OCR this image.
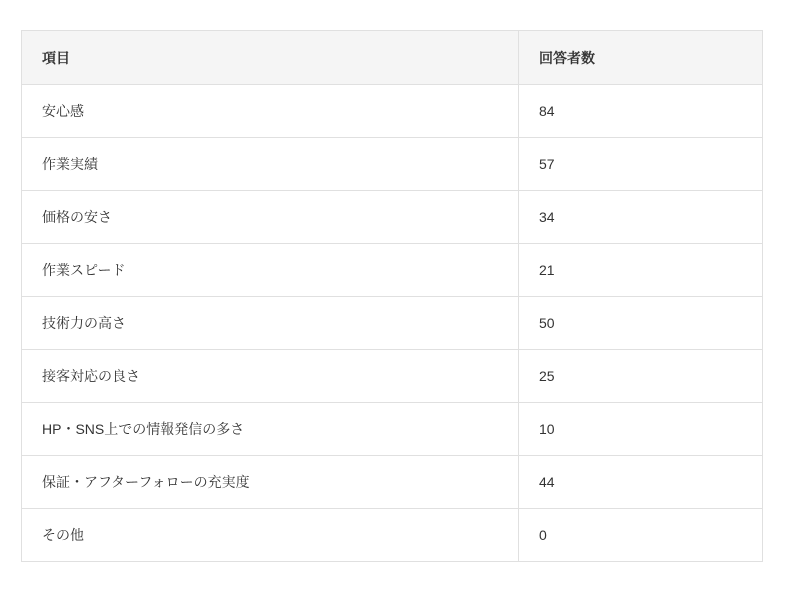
項目	回答者数
安心感	84
作業実績	57
価格の安さ	34
作業スピード	21
技術力の高さ	50
接客対応の良さ	25
HP・SNS上での情報発信の多さ	10
保証・アフターフォローの充実度	44
その他	0
